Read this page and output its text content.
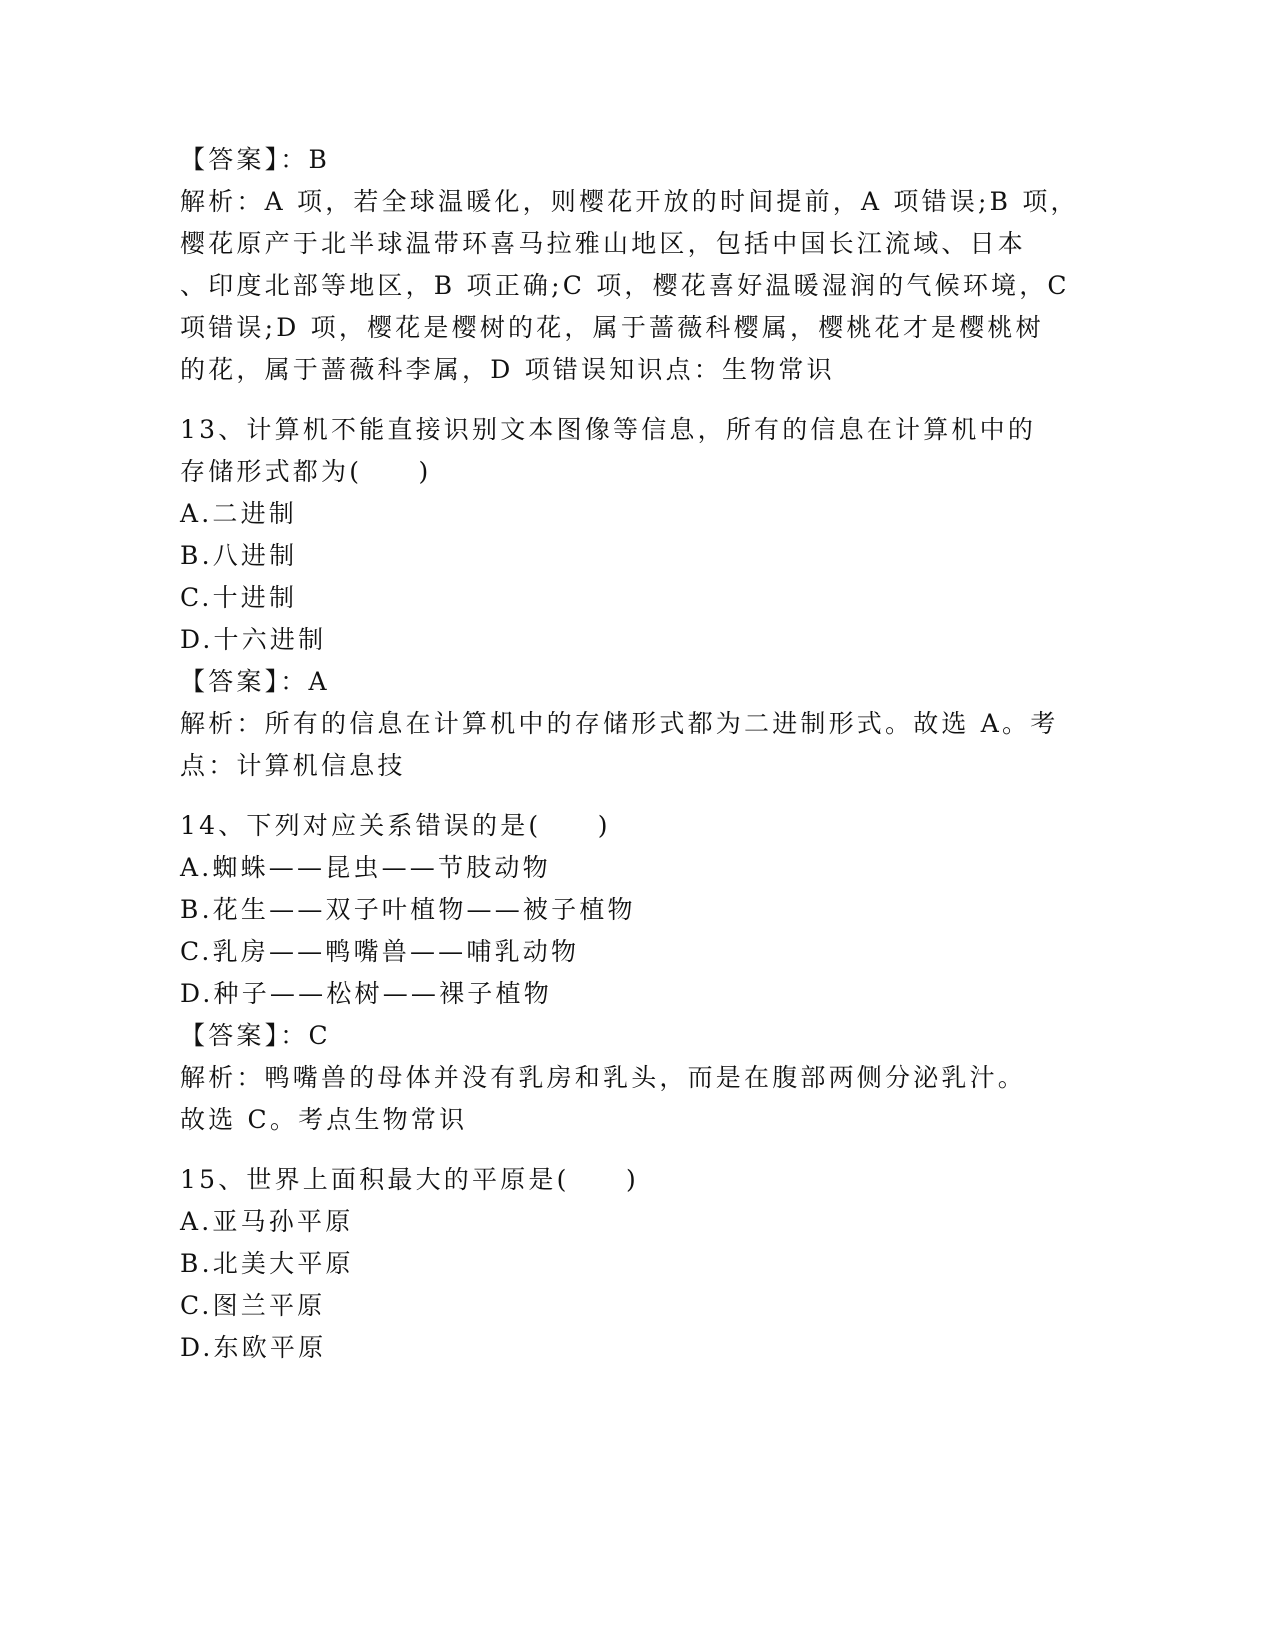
【答案】：B
解析：A 项，若全球温暖化，则樱花开放的时间提前，A 项错误;B 项，
樱花原产于北半球温带环喜马拉雅山地区，包括中国长江流域、日本
、印度北部等地区，B 项正确;C 项，樱花喜好温暖湿润的气候环境，C
项错误;D 项，樱花是樱树的花，属于蔷薇科樱属，樱桃花才是樱桃树
的花，属于蔷薇科李属，D 项错误知识点：生物常识
13、计算机不能直接识别文本图像等信息，所有的信息在计算机中的
存储形式都为(　　)
A.二进制
B.八进制
C.十进制
D.十六进制
【答案】：A
解析：所有的信息在计算机中的存储形式都为二进制形式。故选 A。考
点：计算机信息技
14、下列对应关系错误的是(　　)
A.蜘蛛——昆虫——节肢动物
B.花生——双子叶植物——被子植物
C.乳房——鸭嘴兽——哺乳动物
D.种子——松树——裸子植物
【答案】：C
解析：鸭嘴兽的母体并没有乳房和乳头，而是在腹部两侧分泌乳汁。
故选 C。考点生物常识
15、世界上面积最大的平原是(　　)
A.亚马孙平原
B.北美大平原
C.图兰平原
D.东欧平原
